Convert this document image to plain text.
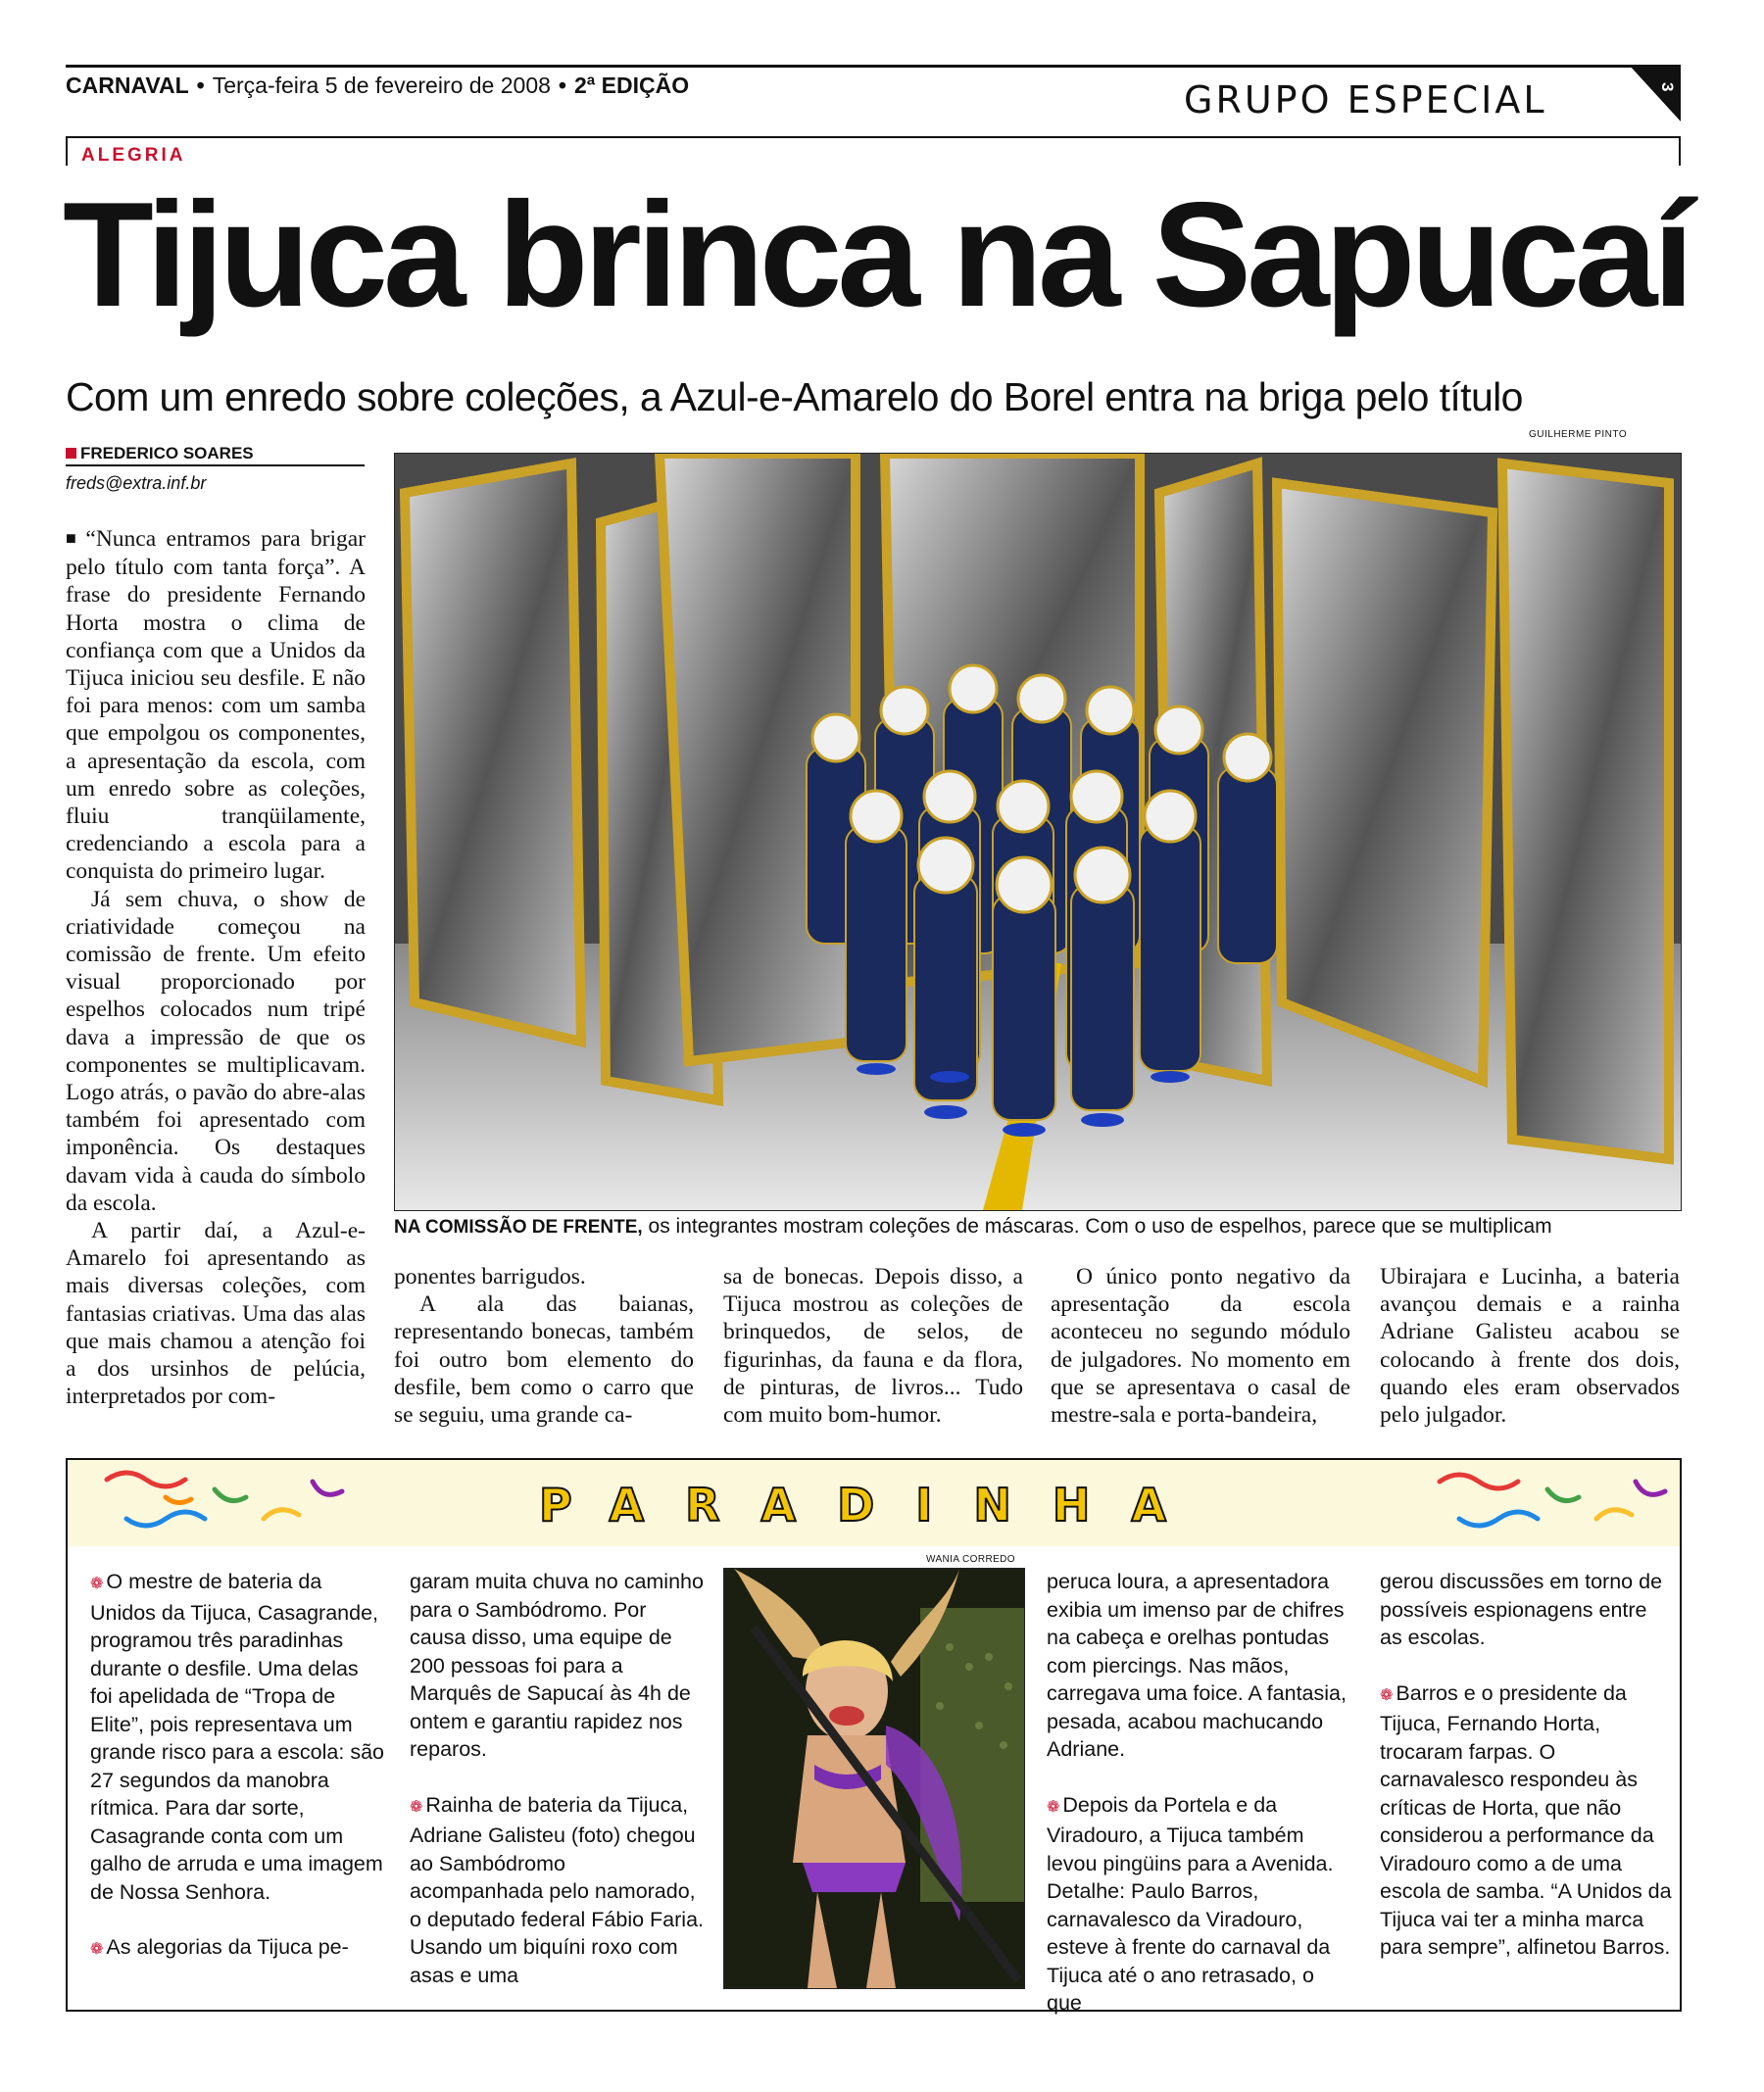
CARNAVAL • Terça-feira 5 de fevereiro de 2008 • 2ª EDIÇÃO	GRUPO ESPECIAL	3
ALEGRIA
Tijuca brinca na Sapucaí
Com um enredo sobre coleções, a Azul-e-Amarelo do Borel entra na briga pelo título
GUILHERME PINTO
FREDERICO SOARES
freds@extra.inf.br

■ “Nunca entramos para brigar pelo título com tanta força”. A frase do presidente Fernando Horta mostra o clima de confiança com que a Unidos da Tijuca iniciou seu desfile. E não foi para menos: com um samba que empolgou os componentes, a apresentação da escola, com um enredo sobre as coleções, fluiu tranqüilamente, credenciando a escola para a conquista do primeiro lugar.

Já sem chuva, o show de criatividade começou na comissão de frente. Um efeito visual proporcionado por espelhos colocados num tripé dava a impressão de que os componentes se multiplicavam. Logo atrás, o pavão do abre-alas também foi apresentado com imponência. Os destaques davam vida à cauda do símbolo da escola.

A partir daí, a Azul-e-Amarelo foi apresentando as mais diversas coleções, com fantasias criativas. Uma das alas que mais chamou a atenção foi a dos ursinhos de pelúcia, interpretados por com-

ponentes barrigudos.

A ala das baianas, representando bonecas, também foi outro bom elemento do desfile, bem como o carro que se seguiu, uma grande ca-

sa de bonecas. Depois disso, a Tijuca mostrou as coleções de brinquedos, de selos, de figurinhas, da fauna e da flora, de pinturas, de livros... Tudo com muito bom-humor.

O único ponto negativo da apresentação da escola aconteceu no segundo módulo de julgadores. No momento em que se apresentava o casal de mestre-sala e porta-bandeira,

Ubirajara e Lucinha, a bateria avançou demais e a rainha Adriane Galisteu acabou se colocando à frente dos dois, quando eles eram observados pelo julgador.

NA COMISSÃO DE FRENTE, os integrantes mostram coleções de máscaras. Com o uso de espelhos, parece que se multiplicam
PARADINHA

❁ O mestre de bateria da Unidos da Tijuca, Casagrande, programou três paradinhas durante o desfile. Uma delas foi apelidada de “Tropa de Elite”, pois representava um grande risco para a escola: são 27 segundos da manobra rítmica. Para dar sorte, Casagrande conta com um galho de arruda e uma imagem de Nossa Senhora.

❁ As alegorias da Tijuca pe-

garam muita chuva no caminho para o Sambódromo. Por causa disso, uma equipe de 200 pessoas foi para a Marquês de Sapucaí às 4h de ontem e garantiu rapidez nos reparos.

❁ Rainha de bateria da Tijuca, Adriane Galisteu (foto) chegou ao Sambódromo acompanhada pelo namorado, o deputado federal Fábio Faria. Usando um biquíni roxo com asas e uma

WANIA CORREDO

peruca loura, a apresentadora exibia um imenso par de chifres na cabeça e orelhas pontudas com piercings. Nas mãos, carregava uma foice. A fantasia, pesada, acabou machucando Adriane.

❁ Depois da Portela e da Viradouro, a Tijuca também levou pingüins para a Avenida. Detalhe: Paulo Barros, carnavalesco da Viradouro, esteve à frente do carnaval da Tijuca até o ano retrasado, o que

gerou discussões em torno de possíveis espionagens entre as escolas.

❁ Barros e o presidente da Tijuca, Fernando Horta, trocaram farpas. O carnavalesco respondeu às críticas de Horta, que não considerou a performance da Viradouro como a de uma escola de samba. “A Unidos da Tijuca vai ter a minha marca para sempre”, alfinetou Barros.
